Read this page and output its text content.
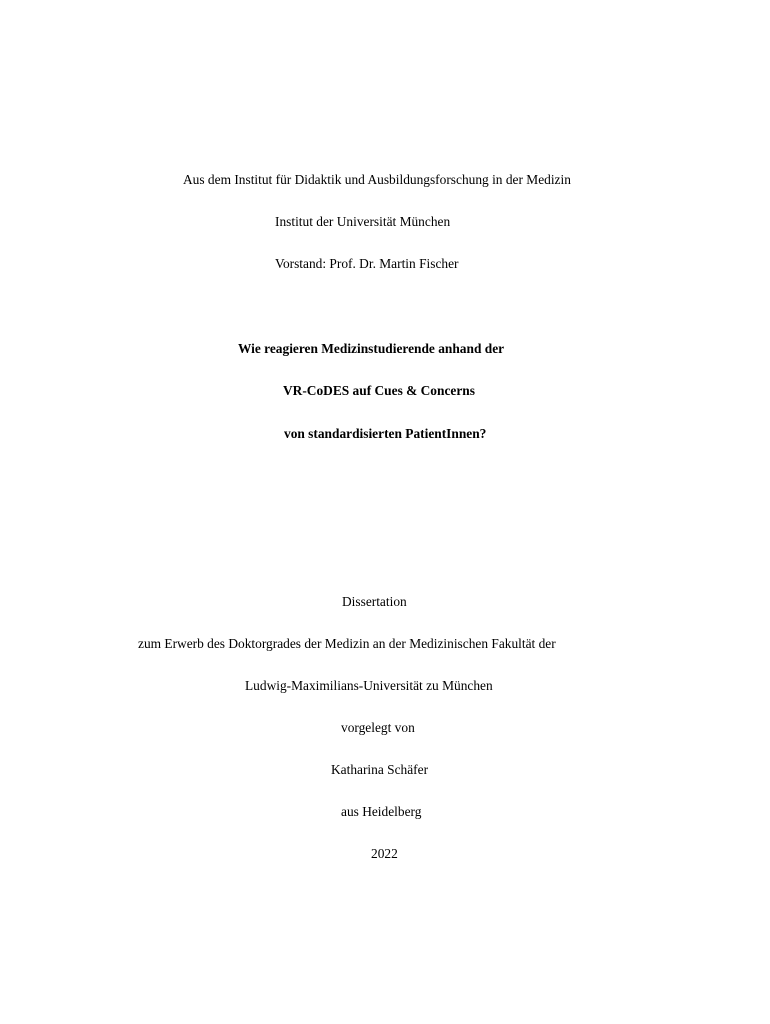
Aus dem Institut für Didaktik und Ausbildungsforschung in der Medizin
Institut der Universität München
Vorstand: Prof. Dr. Martin Fischer
Wie reagieren Medizinstudierende anhand der
VR-CoDES auf Cues & Concerns
von standardisierten PatientInnen?
Dissertation
zum Erwerb des Doktorgrades der Medizin an der Medizinischen Fakultät der
Ludwig-Maximilians-Universität zu München
vorgelegt von
Katharina Schäfer
aus Heidelberg
2022
